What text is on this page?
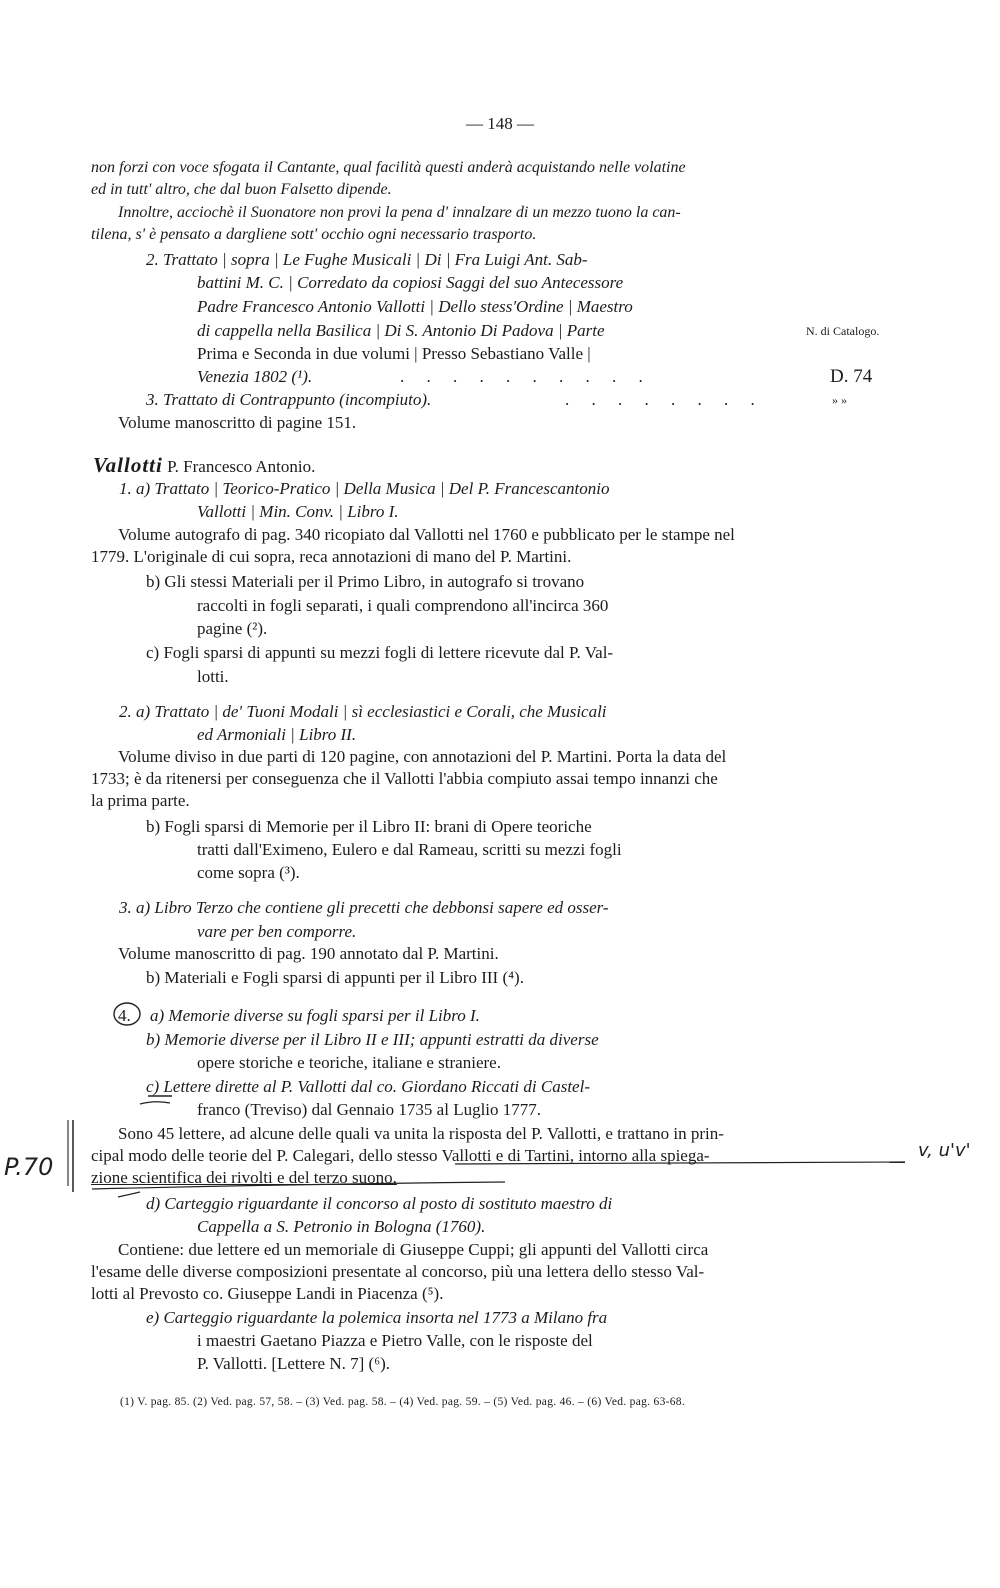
— 148 —
non forzi con voce sfogata il Cantante, qual facilità questi anderà acquistando nelle volatine
ed in tutt' altro, che dal buon Falsetto dipende.
Innoltre, acciochè il Suonatore non provi la pena d' innalzare di un mezzo tuono la can-
tilena, s' è pensato a dargliene sott' occhio ogni necessario trasporto.
2. Trattato | sopra | Le Fughe Musicali | Di | Fra Luigi Ant. Sab-
battini M. C. | Corredato da copiosi Saggi del suo Antecessore
Padre Francesco Antonio Vallotti | Dello stess'Ordine | Maestro
di cappella nella Basilica | Di S. Antonio Di Padova | Parte	N. di Catalogo.
Prima e Seconda in due volumi | Presso Sebastiano Valle |
Venezia 1802 (¹).	. . . . . . . . . .	D. 74
3. Trattato di Contrappunto (incompiuto).	. . . . . . . .	» »
Volume manoscritto di pagine 151.
Vallotti P. Francesco Antonio.
1. a) Trattato | Teorico-Pratico | Della Musica | Del P. Francescantonio
Vallotti | Min. Conv. | Libro I.
Volume autografo di pag. 340 ricopiato dal Vallotti nel 1760 e pubblicato per le stampe nel
1779. L'originale di cui sopra, reca annotazioni di mano del P. Martini.
b) Gli stessi Materiali per il Primo Libro, in autografo si trovano
raccolti in fogli separati, i quali comprendono all'incirca 360
pagine (²).
c) Fogli sparsi di appunti su mezzi fogli di lettere ricevute dal P. Val-
lotti.
2. a) Trattato | de' Tuoni Modali | sì ecclesiastici e Corali, che Musicali
ed Armoniali | Libro II.
Volume diviso in due parti di 120 pagine, con annotazioni del P. Martini. Porta la data del
1733; è da ritenersi per conseguenza che il Vallotti l'abbia compiuto assai tempo innanzi che
la prima parte.
b) Fogli sparsi di Memorie per il Libro II: brani di Opere teoriche
tratti dall'Eximeno, Eulero e dal Rameau, scritti su mezzi fogli
come sopra (³).
3. a) Libro Terzo che contiene gli precetti che debbonsi sapere ed osser-
vare per ben comporre.
Volume manoscritto di pag. 190 annotato dal P. Martini.
b) Materiali e Fogli sparsi di appunti per il Libro III (⁴).
4. a) Memorie diverse su fogli sparsi per il Libro I.
b) Memorie diverse per il Libro II e III; appunti estratti da diverse
opere storiche e teoriche, italiane e straniere.
c) Lettere dirette al P. Vallotti dal co. Giordano Riccati di Castel-
franco (Treviso) dal Gennaio 1735 al Luglio 1777.
Sono 45 lettere, ad alcune delle quali va unita la risposta del P. Vallotti, e trattano in prin-
cipal modo delle teorie del P. Calegari, dello stesso Vallotti e di Tartini, intorno alla spiega-
zione scientifica dei rivolti e del terzo suono.
d) Carteggio riguardante il concorso al posto di sostituto maestro di
Cappella a S. Petronio in Bologna (1760).
Contiene: due lettere ed un memoriale di Giuseppe Cuppi; gli appunti del Vallotti circa
l'esame delle diverse composizioni presentate al concorso, più una lettera dello stesso Val-
lotti al Prevosto co. Giuseppe Landi in Piacenza (⁵).
e) Carteggio riguardante la polemica insorta nel 1773 a Milano fra
i maestri Gaetano Piazza e Pietro Valle, con le risposte del
P. Vallotti. [Lettere N. 7] (⁶).
P.70
v, u'v'
(1) V. pag. 85. (2) Ved. pag. 57, 58. – (3) Ved. pag. 58. – (4) Ved. pag. 59. – (5) Ved. pag. 46. – (6) Ved. pag. 63-68.
